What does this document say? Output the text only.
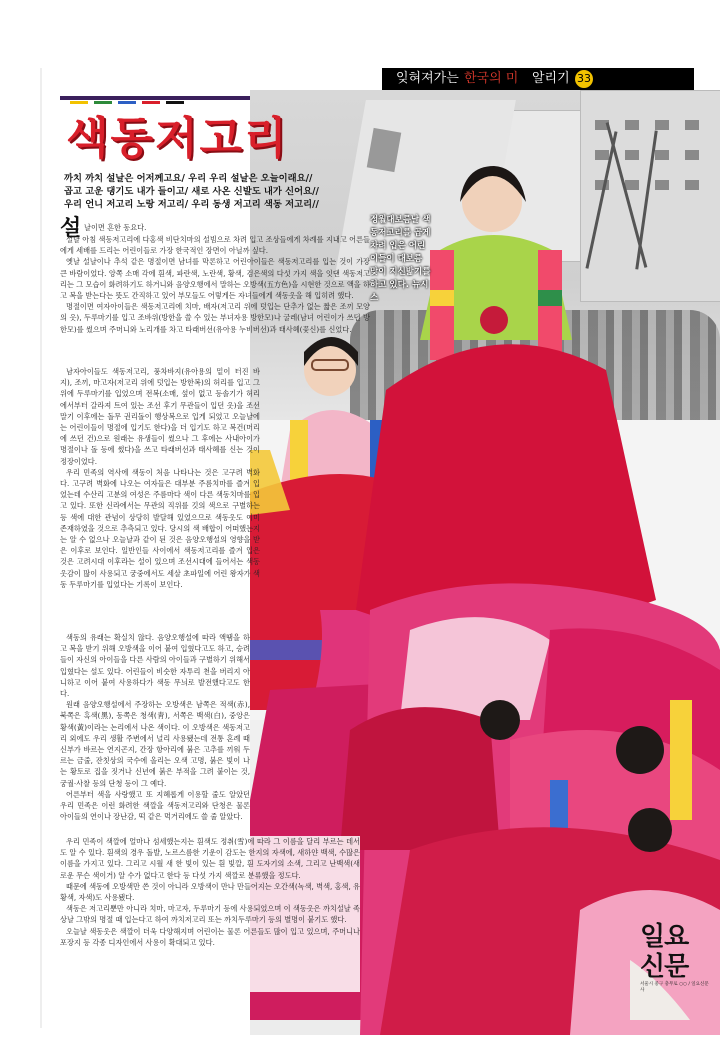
잊혀져가는 한국의 미 알리기 33
색동저고리
까치 까치 설날은 어저께고요/ 우리 우리 설날은 오늘이래요//
곱고 고운 댕기도 내가 들이고/ 새로 사온 신발도 내가 신어요//
우리 언니 저고리 노랑 저고리/ 우리 동생 저고리 색동 저고리//
설 날이면 흔한 동요다.

설날 아침 색동저고리에 다홍색 비단치마의 설빔으로 차려 입고 조상들에게 차례를 지내고 어른들에게 세배를 드리는 어린이들로 가장 한국적인 장면이 아닐까 싶다.

옛날 설날이나 추석 같은 명절이면 남녀를 막론하고 어린아이들은 색동저고리를 입는 것이 가장 큰 바람이었다. 앙쪽 소매 각에 흰색, 파란색, 노란색, 황색, 검은색의 다섯 가지 색을 잇댄 색동저고리는 그 모습이 화려하기도 하거니와 음양오행에서 말하는 오방색(五方色)을 시현한 것으로 액을 하고 복을 받는다는 뜻도 간직하고 있어 부모들도 어렇게든 자녀들에게 색동옷을 해 입히려 했다.

명절이면 여자아이들은 색동저고리에 치마, 배자(저고리 위에 덧입는 단추가 없는 짧은 조끼 모양의 옷), 두루마기를 입고 조바위(방한을 쓸 수 있는 부녀자용 방한모)나 굴레(남녀 어린이가 쓰던 방한모)를 썼으며 주머니와 노리개를 차고 타래버선(유아용 누비버선)과 태사혜(꽃신)를 신었다.

남자아이들도 색동저고리, 풍차바지(유아용의 밑이 터진 바지), 조끼, 마고자(저고리 위에 덧입는 방한복)의 허리를 입고 그 위에 두루마기를 입었으며 전복(소매, 섶이 없고 등솔기가 허리에서부터 갈라져 트여 있는 조선 후기 무관들이 입던 옷)을 조선 말기 이후에는 돌무 권리돌이 행상복으로 입게 되었고 오늘날에는 어린이들이 명절에 입기도 한다)을 더 입기도 하고 복건(머리에 쓰던 건)으로 원래는 유생들이 썼으나 그 후에는 사내아이가 명절이나 돌 등에 썼다)을 쓰고 타래버선과 태사혜를 신는 것이 정장이었다.

우리 민족의 역사에 색동이 처음 나타나는 것은 고구려 벽화다. 고구려 벽화에 나오는 여자들은 대부분 주름치마를 즐겨 입었는데 수산리 고분의 여성은 주름마다 색이 다른 색동치마를 입고 있다. 또한 신라에서는 무관의 직위를 깃의 색으로 구별하는 등 색에 대한 관념이 상당히 발달해 있었으므로 색동옷도 이미 존재하였을 것으로 추측되고 있다. 당시의 색 배합이 어떠했는지는 알 수 없으나 오늘날과 같이 된 것은 음양오행설의 영향을 받은 이후로 보인다. 일반인들 사이에서 색동저고리를 즐겨 입은 것은 고려시대 이후라는 설이 있으며 조선시대에 들어서는 색동 옷감이 많이 사용되고 궁중에서도 세살 초파일에 어린 왕자가 색동 두루마기를 입었다는 기록이 보인다.

색동의 유래는 확실치 않다. 음양오행설에 따라 액땜을 하고 복을 받기 위해 오방색을 이어 붙여 입혔다고도 하고, 승려들이 자신의 아이들을 다른 사람의 아이들과 구별하기 위해서 입혔다는 설도 있다. 어린들이 비슷한 자투리 천을 버리지 아니하고 이어 붙여 사용하다가 색동 무늬로 발전했다고도 한다.

원래 음양오행설에서 주장하는 오방색은 남쪽은 적색(赤), 북쪽은 흑색(黑), 동쪽은 청색(靑), 서쪽은 백색(白), 중앙은 황색(黃)이라는 논리에서 나온 색이다. 이 오방색은 색동저고리 외에도 우리 생활 주변에서 널리 사용됐는데 전통 혼례 때 신부가 바르는 연지곤지, 간장 항아리에 붉은 고추를 끼워 두르는 금줄, 잔칫상의 국수에 올리는 오색 고명, 붉은 빛이 나는 황토로 집을 짓거나 신년에 붉은 부적을 그려 붙이는 것, 궁궐·사찰 등의 단청 등이 그 예다.

어른부터 색을 사랑했고 또 지혜롭게 이용할 줄도 알았던 우리 민족은 이런 화려한 색깔을 색동저고리와 단청은 물론 아이들의 연이나 장난감, 떡 같은 먹거리에도 쓸 줄 알았다.

우리 민족이 색깔에 얼마나 섬세했는지는 흰색도 정취(雪)에 따라 그 이름을 달리 부르는 데서도 알 수 있다. 흰색의 경우 돌발, 노르스름한 기운이 감도는 한지의 자색에, 새하얀 백색, 수많은 이름을 가지고 있다. 그리고 시월 새 한 빛이 있는 흰 빛깔, 흰 도자기의 소색, 그리고 난백색(새로운 무슨 색이거) 알 수가 없다고 한다 등 다섯 가지 색깔로 분류했을 정도다.

때문에 색동에 오방색만 쓴 것이 아니라 오방색이 만나 만들어지는 오간색(녹색, 벽색, 홍색, 유황색, 자색)도 사용됐다.

색동은 저고리뿐만 아니라 치마, 마고자, 두루마기 등에 사용되었으며 이 색동옷은 까치설날 족상날 그밖의 명절 때 입는다고 하여 까치저고리 또는 까치두루마기 등의 별명이 붙기도 했다.

오늘날 색동옷은 색깔이 더욱 다양해지며 어린이는 물론 어른들도 많이 입고 있으며, 주머니나 포장지 등 각종 디자인에서 사용이 확대되고 있다.

정월대보름날 색동저고리를 곱게 차려 입은 어린이들이 대보름 맞이 지신밟기를 하고 있다. 뉴시스
일요신문
서울시 중구 충무로 ○○ / 일요신문사
